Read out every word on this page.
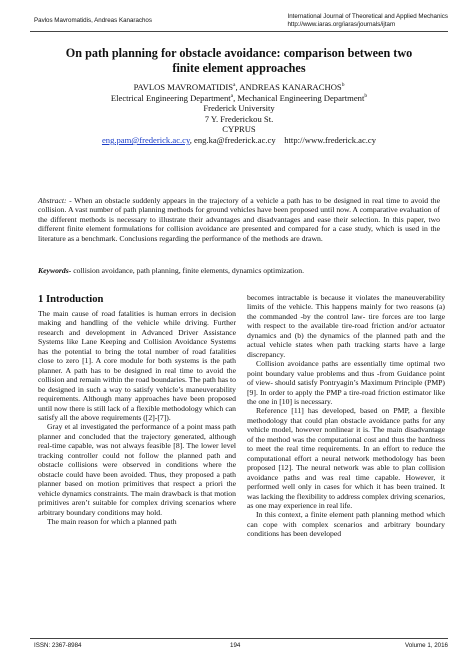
Pavlos Mavromatidis, Andreas Kanarachos
International Journal of Theoretical and Applied Mechanics
http://www.iaras.org/iaras/journals/ijtam
On path planning for obstacle avoidance: comparison between two
finite element approaches
PAVLOS MAVROMATIDIS$^a$, ANDREAS KANARACHOS$^b$
Electrical Engineering Department$^a$, Mechanical Engineering Department$^b$
Frederick University
7 Y. Frederickou St.
CYPRUS
eng.pam@frederick.ac.cy, eng.ka@frederick.ac.cy http://www.frederick.ac.cy
Abstract: - When an obstacle suddenly appears in the trajectory of a vehicle a path has to be designed in real time to avoid the collision. A vast number of path planning methods for ground vehicles have been proposed until now. A comparative evaluation of the different methods is necessary to illustrate their advantages and disadvantages and ease their selection. In this paper, two different finite element formulations for collision avoidance are presented and compared for a case study, which is used in the literature as a benchmark. Conclusions regarding the performance of the methods are drawn.
Keywords- collision avoidance, path planning, finite elements, dynamics optimization.
1 Introduction

The main cause of road fatalities is human errors in decision making and handling of the vehicle while driving. Further research and development in Advanced Driver Assistance Systems like Lane Keeping and Collision Avoidance Systems has the potential to bring the total number of road fatalities close to zero [1]. A core module for both systems is the path planner. A path has to be designed in real time to avoid the collision and remain within the road boundaries. The path has to be designed in such a way to satisfy vehicle’s maneuverability requirements. Although many approaches have been proposed until now there is still lack of a flexible methodology which can satisfy all the above requirements ([2]-[7]).

Gray et al investigated the performance of a point mass path planner and concluded that the trajectory generated, although real-time capable, was not always feasible [8]. The lower level tracking controller could not follow the planned path and obstacle collisions were observed in conditions where the obstacle could have been avoided. Thus, they proposed a path planner based on motion primitives that respect a priori the vehicle dynamics constraints. The main drawback is that motion primitives aren’t suitable for complex driving scenarios where arbitrary boundary conditions may hold.

The main reason for which a planned path

becomes intractable is because it violates the maneuverability limits of the vehicle. This happens mainly for two reasons (a) the commanded -by the control law- tire forces are too large with respect to the available tire-road friction and/or actuator dynamics and (b) the dynamics of the planned path and the actual vehicle states when path tracking starts have a large discrepancy.

Collision avoidance paths are essentially time optimal two point boundary value problems and thus -from Guidance point of view- should satisfy Pontryagin’s Maximum Principle (PMP) [9]. In order to apply the PMP a tire-road friction estimator like the one in [10] is necessary.

Reference [11] has developed, based on PMP, a flexible methodology that could plan obstacle avoidance paths for any vehicle model, however nonlinear it is. The main disadvantage of the method was the computational cost and thus the hardness to meet the real time requirements. In an effort to reduce the computational effort a neural network methodology has been proposed [12]. The neural network was able to plan collision avoidance paths and was real time capable. However, it performed well only in cases for which it has been trained. It was lacking the flexibility to address complex driving scenarios, as one may experience in real life.

In this context, a finite element path planning method which can cope with complex scenarios and arbitrary boundary conditions has been developed

ISSN: 2367-8984	194	Volume 1, 2016
